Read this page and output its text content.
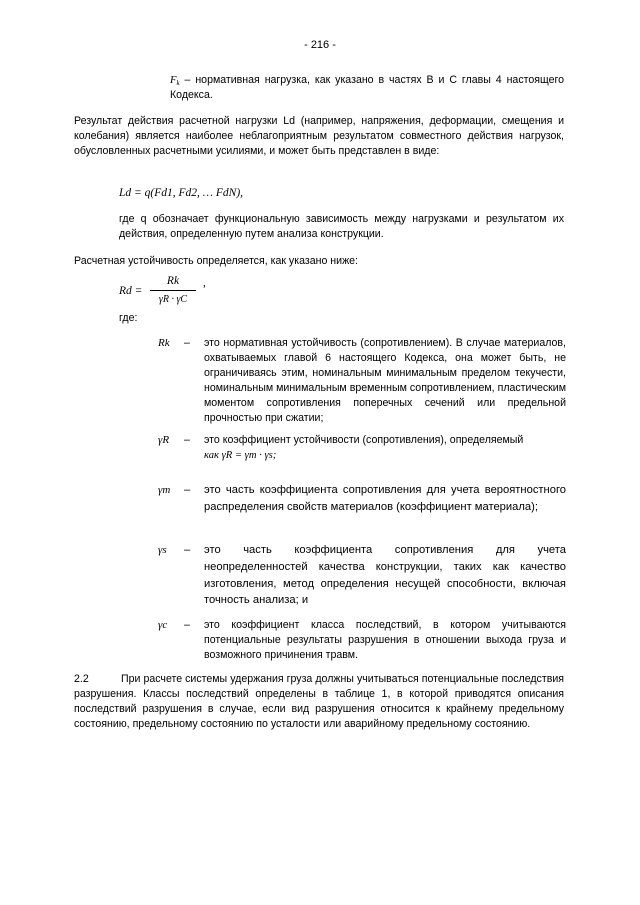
- 216 -
$F_k$ – нормативная нагрузка, как указано в частях В и С главы 4 настоящего Кодекса.
Результат действия расчетной нагрузки Ld (например, напряжения, деформации, смещения и колебания) является наиболее неблагоприятным результатом совместного действия нагрузок, обусловленных расчетными усилиями, и может быть представлен в виде:
Ld = q(Fd1, Fd2, … FdN),
где q обозначает функциональную зависимость между нагрузками и результатом их действия, определенную путем анализа конструкции.
Расчетная устойчивость определяется, как указано ниже:
Rd =
Rk
γR · γC
,
где:
Rk – это нормативная устойчивость (сопротивлением). В случае материалов, охватываемых главой 6 настоящего Кодекса, она может быть, не ограничиваясь этим, номинальным минимальным пределом текучести, номинальным минимальным временным сопротивлением, пластическим моментом сопротивления поперечных сечений или предельной прочностью при сжатии;
γR – это коэффициент устойчивости (сопротивления), определяемый
как γR = γm · γs;
γm – это часть коэффициента сопротивления для учета вероятностного распределения свойств материалов (коэффициент материала);
γs – это часть коэффициента сопротивления для учета неопределенностей качества конструкции, таких как качество изготовления, метод определения несущей способности, включая точность анализа; и
γc – это коэффициент класса последствий, в котором учитываются потенциальные результаты разрушения в отношении выхода груза и возможного причинения травм.
2.2	При расчете системы удержания груза должны учитываться потенциальные последствия разрушения. Классы последствий определены в таблице 1, в которой приводятся описания последствий разрушения в случае, если вид разрушения относится к крайнему предельному состоянию, предельному состоянию по усталости или аварийному предельному состоянию.
